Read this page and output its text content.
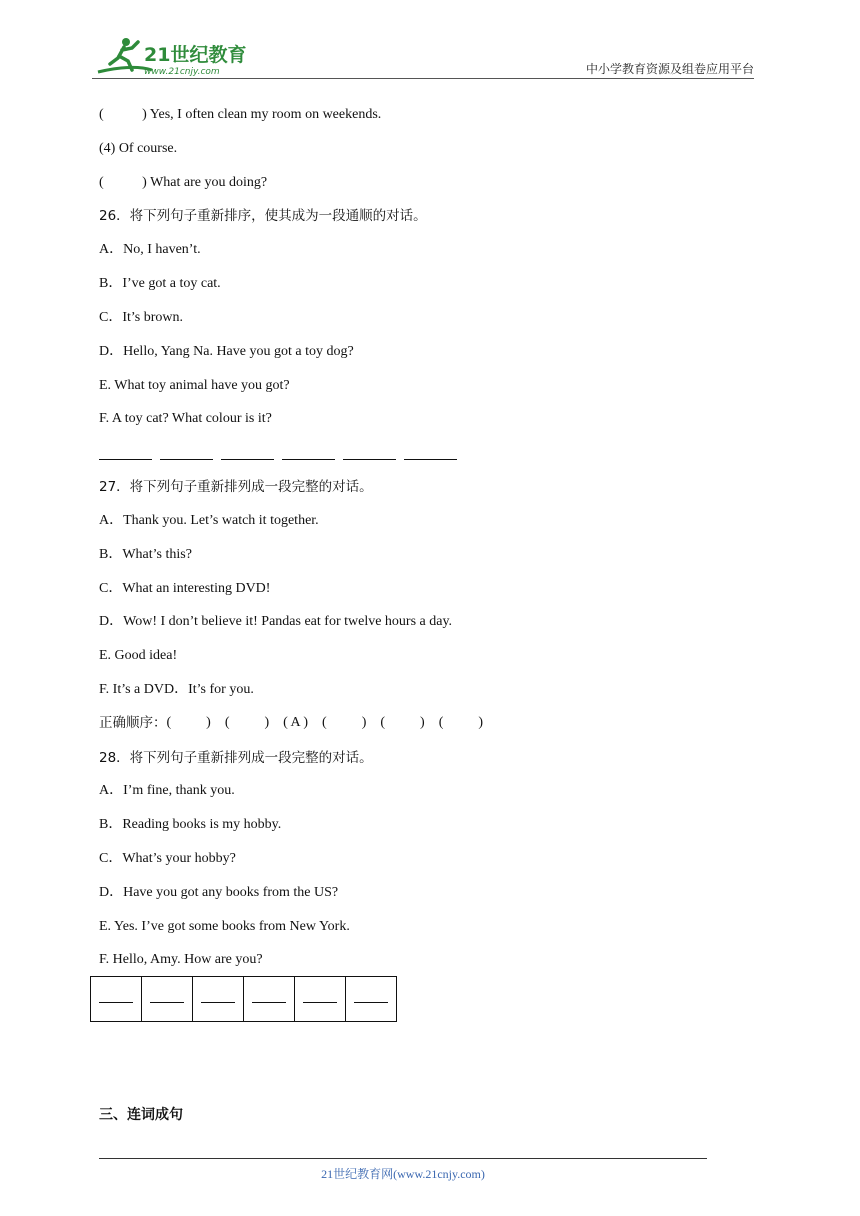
21世纪教育
www.21cnjy.com	中小学教育资源及组卷应用平台
(           ) Yes, I often clean my room on weekends.
(4) Of course.
(           ) What are you doing?
26．将下列句子重新排序，使其成为一段通顺的对话。
A．No, I haven’t.
B．I’ve got a toy cat.
C．It’s brown.
D．Hello, Yang Na. Have you got a toy dog?
E. What toy animal have you got?
F. A toy cat? What colour is it?
27．将下列句子重新排列成一段完整的对话。
A．Thank you. Let’s watch it together.
B．What’s this?
C．What an interesting DVD!
D．Wow! I don’t believe it! Pandas eat for twelve hours a day.
E. Good idea!
F. It’s a DVD．It’s for you.
正确顺序： (          ) (          ) ( A ) (          ) (          ) (          )
28．将下列句子重新排列成一段完整的对话。
A．I’m fine, thank you.
B．Reading books is my hobby.
C．What’s your hobby?
D．Have you got any books from the US?
E. Yes. I’ve got some books from New York.
F. Hello, Amy. How are you?

三、连词成句
21世纪教育网(www.21cnjy.com)
